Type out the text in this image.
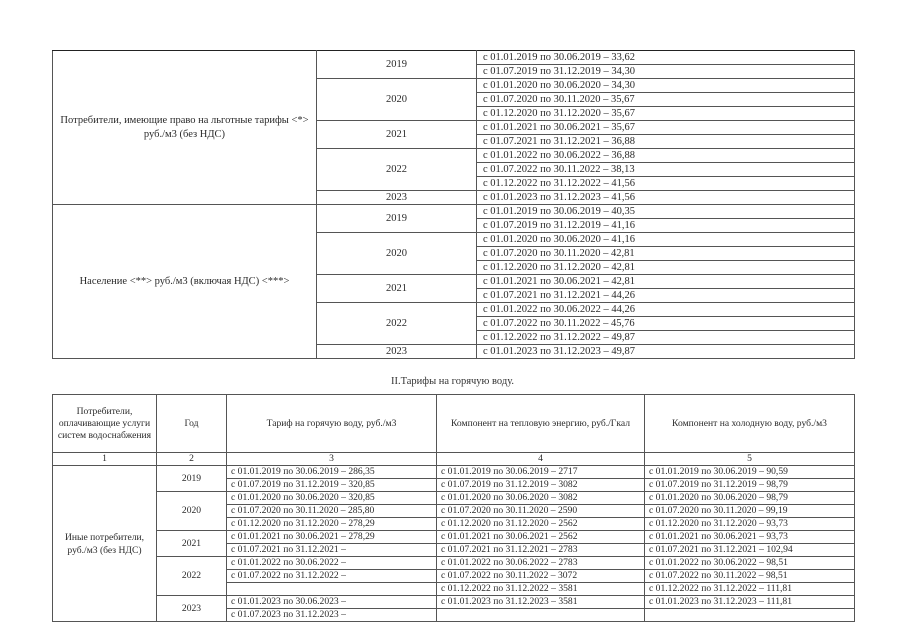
Потребители, имеющие право на льготные тарифы <*> руб./м3 (без НДС)	2019	с 01.01.2019 по 30.06.2019 – 33,62
		с 01.07.2019 по 31.12.2019 – 34,30
	2020	с 01.01.2020 по 30.06.2020 – 34,30
		с 01.07.2020 по 30.11.2020 – 35,67
		с 01.12.2020 по 31.12.2020 – 35,67
	2021	с 01.01.2021 по 30.06.2021 – 35,67
		с 01.07.2021 по 31.12.2021 – 36,88
	2022	с 01.01.2022 по 30.06.2022 – 36,88
		с 01.07.2022 по 30.11.2022 – 38,13
		с 01.12.2022 по 31.12.2022 – 41,56
	2023	с 01.01.2023 по 31.12.2023 – 41,56
Население <**> руб./м3 (включая НДС) <***>	2019	с 01.01.2019 по 30.06.2019 – 40,35
		с 01.07.2019 по 31.12.2019 – 41,16
	2020	с 01.01.2020 по 30.06.2020 – 41,16
		с 01.07.2020 по 30.11.2020 – 42,81
		с 01.12.2020 по 31.12.2020 – 42,81
	2021	с 01.01.2021 по 30.06.2021 – 42,81
		с 01.07.2021 по 31.12.2021 – 44,26
	2022	с 01.01.2022 по 30.06.2022 – 44,26
		с 01.07.2022 по 30.11.2022 – 45,76
		с 01.12.2022 по 31.12.2022 – 49,87
	2023	с 01.01.2023 по 31.12.2023 – 49,87
II.Тарифы на горячую воду.
Потребители, оплачивающие услуги систем водоснабжения	Год	Тариф на горячую воду, руб./м3	Компонент на тепловую энергию, руб./Гкал	Компонент на холодную воду, руб./м3
1	2	3	4	5
Иные потребители, руб./м3 (без НДС)	2019	с 01.01.2019 по 30.06.2019 – 286,35	с 01.01.2019 по 30.06.2019 – 2717	с 01.01.2019 по 30.06.2019 – 90,59
		с 01.07.2019 по 31.12.2019 – 320,85	с 01.07.2019 по 31.12.2019 – 3082	с 01.07.2019 по 31.12.2019 – 98,79
	2020	с 01.01.2020 по 30.06.2020 – 320,85	с 01.01.2020 по 30.06.2020 – 3082	с 01.01.2020 по 30.06.2020 – 98,79
		с 01.07.2020 по 30.11.2020 – 285,80	с 01.07.2020 по 30.11.2020 – 2590	с 01.07.2020 по 30.11.2020 – 99,19
		с 01.12.2020 по 31.12.2020 – 278,29	с 01.12.2020 по 31.12.2020 – 2562	с 01.12.2020 по 31.12.2020 – 93,73
	2021	с 01.01.2021 по 30.06.2021 – 278,29	с 01.01.2021 по 30.06.2021 – 2562	с 01.01.2021 по 30.06.2021 – 93,73
		с 01.07.2021 по 31.12.2021 –	с 01.07.2021 по 31.12.2021 – 2783	с 01.07.2021 по 31.12.2021 – 102,94
	2022	с 01.01.2022 по 30.06.2022 –	с 01.01.2022 по 30.06.2022 – 2783	с 01.01.2022 по 30.06.2022 – 98,51
		с 01.07.2022 по 31.12.2022 –	с 01.07.2022 по 30.11.2022 – 3072	с 01.07.2022 по 30.11.2022 – 98,51
			с 01.12.2022 по 31.12.2022 – 3581	с 01.12.2022 по 31.12.2022 – 111,81
	2023	с 01.01.2023 по 30.06.2023 –	с 01.01.2023 по 31.12.2023 – 3581	с 01.01.2023 по 31.12.2023 – 111,81
		с 01.07.2023 по 31.12.2023 –		
